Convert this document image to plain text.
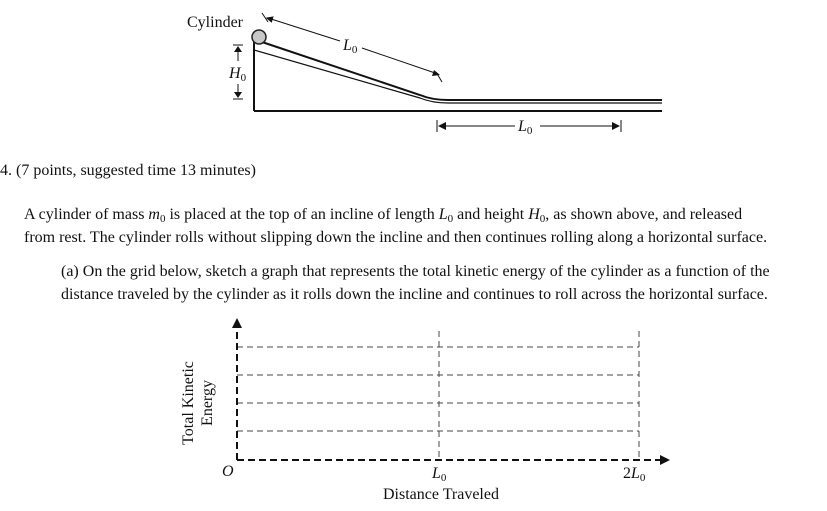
Cylinder
H0
L0
L0
Total Kinetic Energy
O	L0	2L0
Distance Traveled
4. (7 points, suggested time 13 minutes)

A cylinder of mass $m_0$ is placed at the top of an incline of length $L_0$ and height $H_0$, as shown above, and released

from rest. The cylinder rolls without slipping down the incline and then continues rolling along a horizontal surface.

(a) On the grid below, sketch a graph that represents the total kinetic energy of the cylinder as a function of the

distance traveled by the cylinder as it rolls down the incline and continues to roll across the horizontal surface.
